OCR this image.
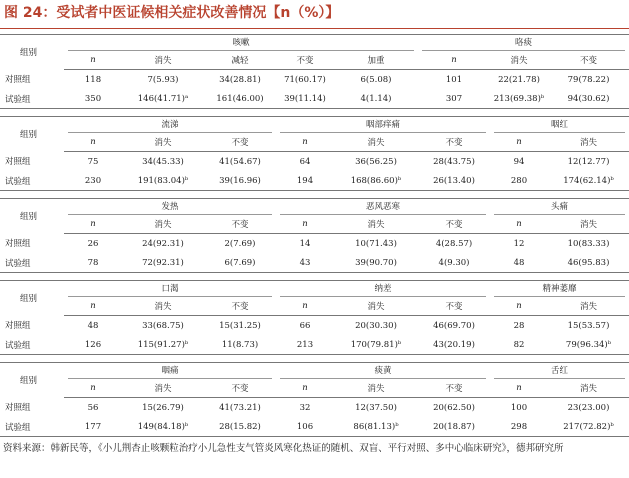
图 24：受试者中医证候相关症状改善情况【n（%）】
组别	咳嗽					咯痰			

	n	消失	减轻	不变	加重	n	消失	不变	
对照组	118	7(5.93)	34(28.81)	71(60.17)	6(5.08)	101	22(21.78)	79(78.22)	
试验组	350	146(41.71)ᵃ	161(46.00)	39(11.14)	4(1.14)	307	213(69.38)ᵇ	94(30.62)	

组别	流涕			咽部痒痛			咽红		

	n	消失	不变	n	消失	不变	n	消失		
对照组	75	34(45.33)	41(54.67)	64	36(56.25)	28(43.75)	94	12(12.77)		
试验组	230	191(83.04)ᵇ	39(16.96)	194	168(86.60)ᵇ	26(13.40)	280	174(62.14)ᵇ		

组别	发热			恶风恶寒			头痛		

	n	消失	不变	n	消失	不变	n	消失		
对照组	26	24(92.31)	2(7.69)	14	10(71.43)	4(28.57)	12	10(83.33)		
试验组	78	72(92.31)	6(7.69)	43	39(90.70)	4(9.30)	48	46(95.83)		

组别	口渴			纳差			精神萎靡		

	n	消失	不变	n	消失	不变	n	消失		
对照组	48	33(68.75)	15(31.25)	66	20(30.30)	46(69.70)	28	15(53.57)		
试验组	126	115(91.27)ᵇ	11(8.73)	213	170(79.81)ᵇ	43(20.19)	82	79(96.34)ᵇ		

组别	咽痛			痰黄			舌红		

	n	消失	不变	n	消失	不变	n	消失		
对照组	56	15(26.79)	41(73.21)	32	12(37.50)	20(62.50)	100	23(23.00)		
试验组	177	149(84.18)ᵇ	28(15.82)	106	86(81.13)ᵇ	20(18.87)	298	217(72.82)ᵇ		
资料来源：韩新民等，《小儿荆杏止咳颗粒治疗小儿急性支气管炎风寒化热证的随机、双盲、平行对照、多中心临床研究》，德邦研究所
